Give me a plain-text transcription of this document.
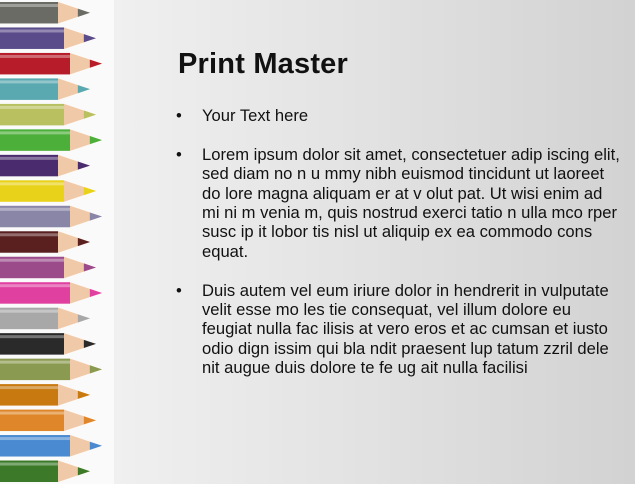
Print Master
• Your Text here
• Lorem ipsum dolor sit amet, consectetuer adip iscing elit, sed diam no n u mmy nibh euismod tincidunt ut laoreet do lore magna aliquam er at v olut pat. Ut wisi enim ad mi ni m venia m, quis nostrud exerci tatio n ulla mco rper susc ip it lobor tis nisl ut aliquip ex ea commodo cons equat.
• Duis autem vel eum iriure dolor in hendrerit in vulputate velit esse mo les tie consequat, vel illum dolore eu feugiat nulla fac ilisis at vero eros et ac cumsan et iusto odio dign issim qui bla ndit praesent lup tatum zzril dele nit augue duis dolore te fe ug ait nulla facilisi
